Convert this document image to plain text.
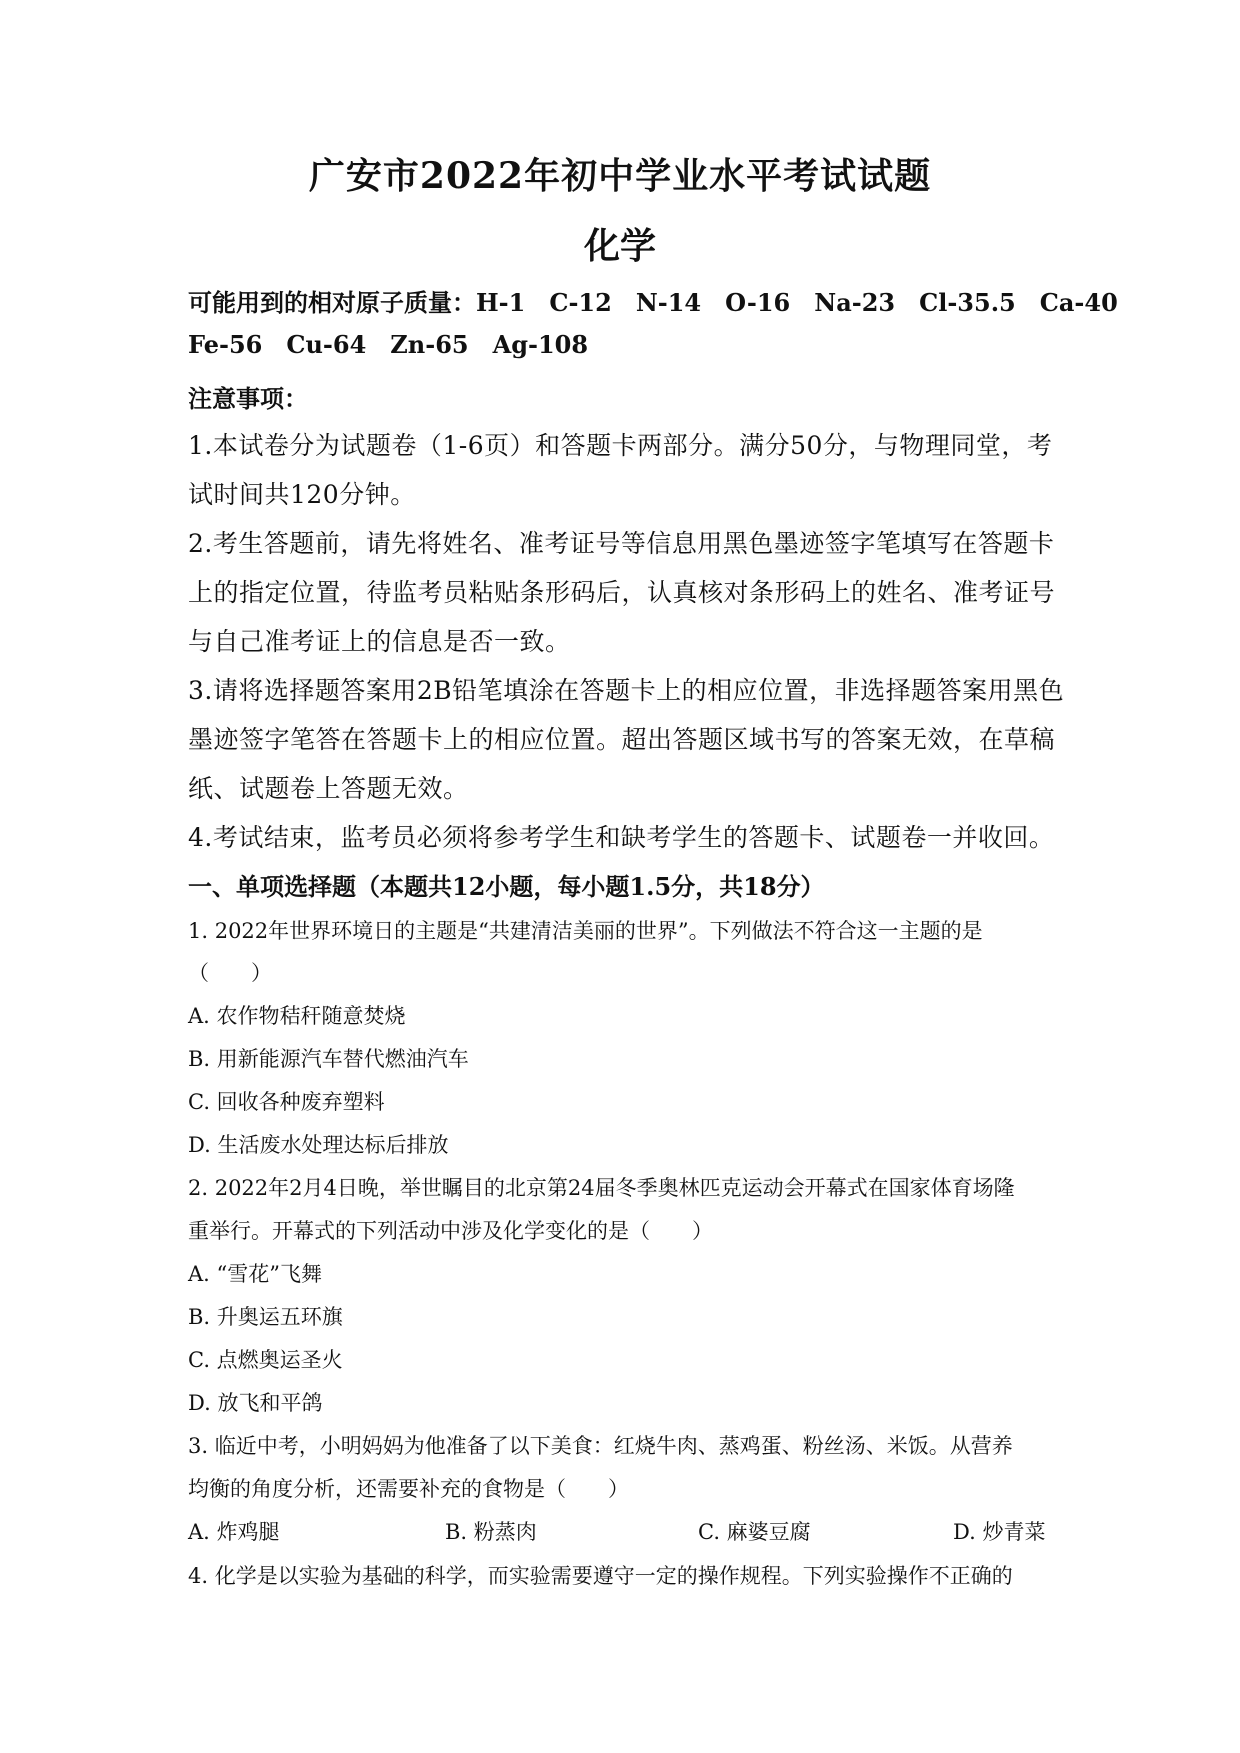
广安市2022年初中学业水平考试试题
化学
可能用到的相对原子质量：H-1 C-12 N-14 O-16 Na-23 Cl-35.5 Ca-40
Fe-56 Cu-64 Zn-65 Ag-108
注意事项：
1.本试卷分为试题卷（1-6页）和答题卡两部分。满分50分，与物理同堂，考
试时间共120分钟。
2.考生答题前，请先将姓名、准考证号等信息用黑色墨迹签字笔填写在答题卡
上的指定位置，待监考员粘贴条形码后，认真核对条形码上的姓名、准考证号
与自己准考证上的信息是否一致。
3.请将选择题答案用2B铅笔填涂在答题卡上的相应位置，非选择题答案用黑色
墨迹签字笔答在答题卡上的相应位置。超出答题区域书写的答案无效，在草稿
纸、试题卷上答题无效。
4.考试结束，监考员必须将参考学生和缺考学生的答题卡、试题卷一并收回。
一、单项选择题（本题共12小题，每小题1.5分，共18分）
1. 2022年世界环境日的主题是“共建清洁美丽的世界”。下列做法不符合这一主题的是
（　　）
A. 农作物秸秆随意焚烧
B. 用新能源汽车替代燃油汽车
C. 回收各种废弃塑料
D. 生活废水处理达标后排放
2. 2022年2月4日晚，举世瞩目的北京第24届冬季奥林匹克运动会开幕式在国家体育场隆
重举行。开幕式的下列活动中涉及化学变化的是（　　）
A. “雪花”飞舞
B. 升奥运五环旗
C. 点燃奥运圣火
D. 放飞和平鸽
3. 临近中考，小明妈妈为他准备了以下美食：红烧牛肉、蒸鸡蛋、粉丝汤、米饭。从营养
均衡的角度分析，还需要补充的食物是（　　）
A. 炸鸡腿	B. 粉蒸肉	C. 麻婆豆腐	D. 炒青菜
4. 化学是以实验为基础的科学，而实验需要遵守一定的操作规程。下列实验操作不正确的
